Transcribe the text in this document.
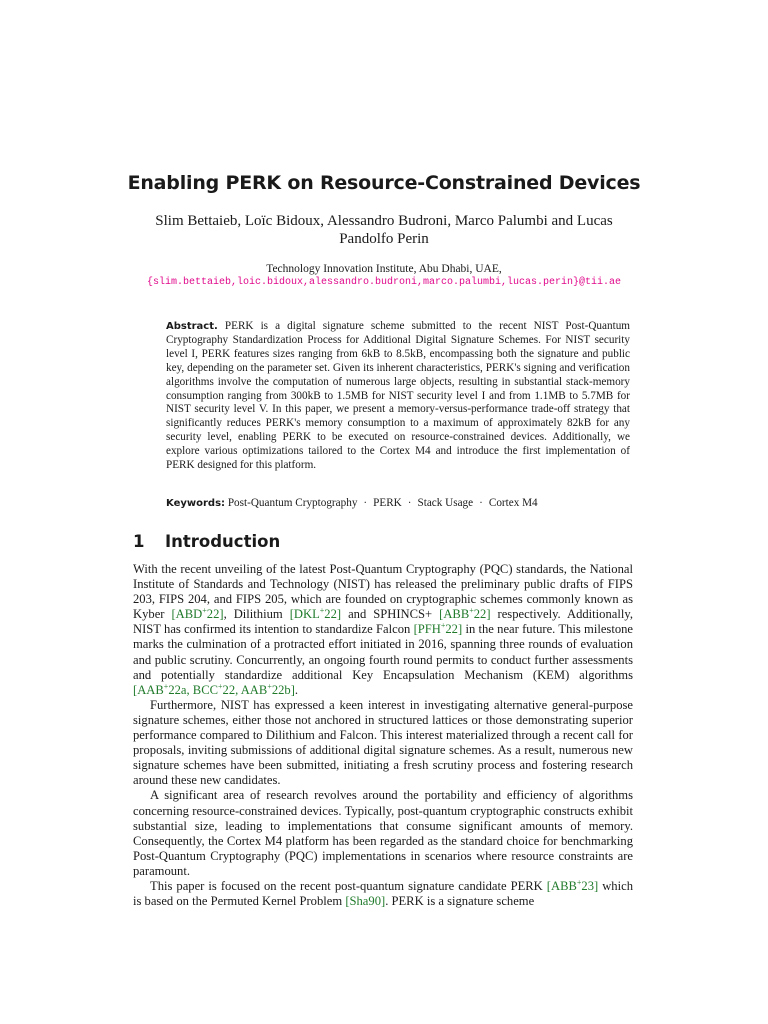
Enabling PERK on Resource-Constrained Devices
Slim Bettaieb, Loïc Bidoux, Alessandro Budroni, Marco Palumbi and Lucas Pandolfo Perin
Technology Innovation Institute, Abu Dhabi, UAE,
{slim.bettaieb,loic.bidoux,alessandro.budroni,marco.palumbi,lucas.perin}@tii.ae
Abstract. PERK is a digital signature scheme submitted to the recent NIST Post-Quantum Cryptography Standardization Process for Additional Digital Signature Schemes. For NIST security level I, PERK features sizes ranging from 6kB to 8.5kB, encompassing both the signature and public key, depending on the parameter set. Given its inherent characteristics, PERK's signing and verification algorithms involve the computation of numerous large objects, resulting in substantial stack-memory consumption ranging from 300kB to 1.5MB for NIST security level I and from 1.1MB to 5.7MB for NIST security level V. In this paper, we present a memory-versus-performance trade-off strategy that significantly reduces PERK's memory consumption to a maximum of approximately 82kB for any security level, enabling PERK to be executed on resource-constrained devices. Additionally, we explore various optimizations tailored to the Cortex M4 and introduce the first implementation of PERK designed for this platform.
Keywords: Post-Quantum Cryptography · PERK · Stack Usage · Cortex M4
1 Introduction

With the recent unveiling of the latest Post-Quantum Cryptography (PQC) standards, the National Institute of Standards and Technology (NIST) has released the preliminary public drafts of FIPS 203, FIPS 204, and FIPS 205, which are founded on cryptographic schemes commonly known as Kyber [ABD+22], Dilithium [DKL+22] and SPHINCS+ [ABB+22] respectively. Additionally, NIST has confirmed its intention to standardize Falcon [PFH+22] in the near future. This milestone marks the culmination of a protracted effort initiated in 2016, spanning three rounds of evaluation and public scrutiny. Concurrently, an ongoing fourth round permits to conduct further assessments and potentially standardize additional Key Encapsulation Mechanism (KEM) algorithms [AAB+22a, BCC+22, AAB+22b].

Furthermore, NIST has expressed a keen interest in investigating alternative general-purpose signature schemes, either those not anchored in structured lattices or those demonstrating superior performance compared to Dilithium and Falcon. This interest materialized through a recent call for proposals, inviting submissions of additional digital signature schemes. As a result, numerous new signature schemes have been submitted, initiating a fresh scrutiny process and fostering research around these new candidates.

A significant area of research revolves around the portability and efficiency of algorithms concerning resource-constrained devices. Typically, post-quantum cryptographic constructs exhibit substantial size, leading to implementations that consume significant amounts of memory. Consequently, the Cortex M4 platform has been regarded as the standard choice for benchmarking Post-Quantum Cryptography (PQC) implementations in scenarios where resource constraints are paramount.

This paper is focused on the recent post-quantum signature candidate PERK [ABB+23] which is based on the Permuted Kernel Problem [Sha90]. PERK is a signature scheme
